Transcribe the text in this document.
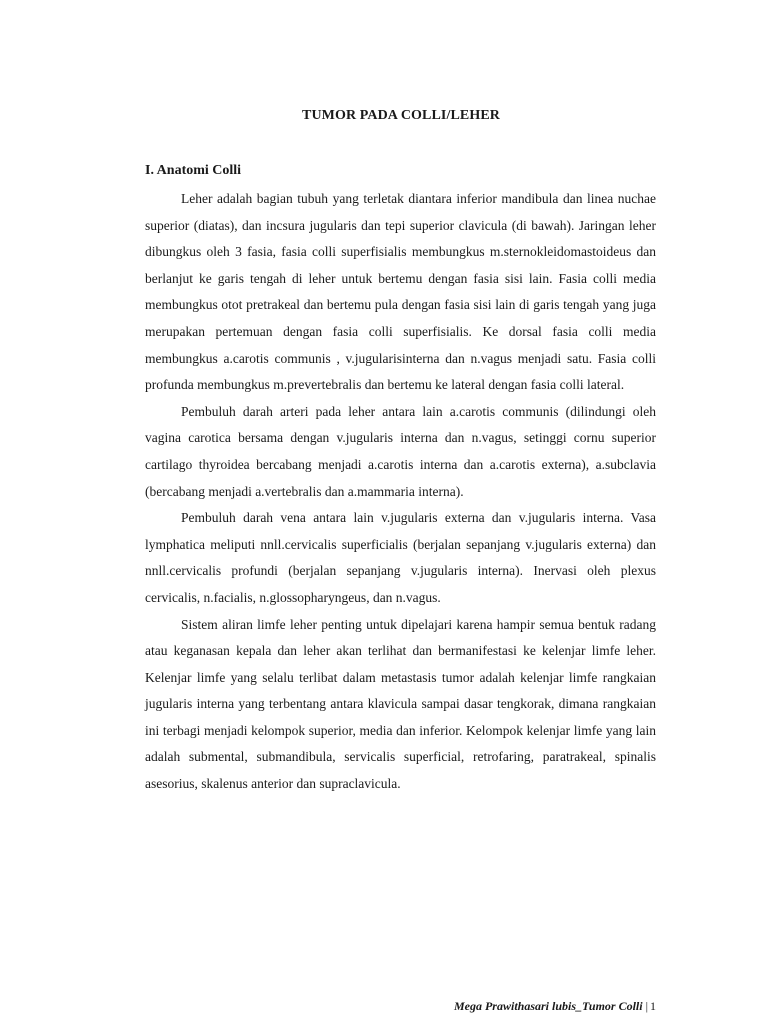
TUMOR PADA COLLI/LEHER
I. Anatomi Colli

Leher adalah bagian tubuh yang terletak diantara inferior mandibula dan linea nuchae superior (diatas), dan incsura jugularis dan tepi superior clavicula (di bawah). Jaringan leher dibungkus oleh 3 fasia, fasia colli superfisialis membungkus m.sternokleidomastoideus dan berlanjut ke garis tengah di leher untuk bertemu dengan fasia sisi lain. Fasia colli media membungkus otot pretrakeal dan bertemu pula dengan fasia sisi lain di garis tengah yang juga merupakan pertemuan dengan fasia colli superfisialis. Ke dorsal fasia colli media membungkus a.carotis communis , v.jugularisinterna dan n.vagus menjadi satu. Fasia colli profunda membungkus m.prevertebralis dan bertemu ke lateral dengan fasia colli lateral.

Pembuluh darah arteri pada leher antara lain a.carotis communis (dilindungi oleh vagina carotica bersama dengan v.jugularis interna dan n.vagus, setinggi cornu superior cartilago thyroidea bercabang menjadi a.carotis interna dan a.carotis externa), a.subclavia (bercabang menjadi a.vertebralis dan a.mammaria interna).

Pembuluh darah vena antara lain v.jugularis externa dan v.jugularis interna. Vasa lymphatica meliputi nnll.cervicalis superficialis (berjalan sepanjang v.jugularis externa) dan nnll.cervicalis profundi (berjalan sepanjang v.jugularis interna). Inervasi oleh plexus cervicalis, n.facialis, n.glossopharyngeus, dan n.vagus.

Sistem aliran limfe leher penting untuk dipelajari karena hampir semua bentuk radang atau keganasan kepala dan leher akan terlihat dan bermanifestasi ke kelenjar limfe leher. Kelenjar limfe yang selalu terlibat dalam metastasis tumor adalah kelenjar limfe rangkaian jugularis interna yang terbentang antara klavicula sampai dasar tengkorak, dimana rangkaian ini terbagi menjadi kelompok superior, media dan inferior. Kelompok kelenjar limfe yang lain adalah submental, submandibula, servicalis superficial, retrofaring, paratrakeal, spinalis asesorius, skalenus anterior dan supraclavicula.

Mega Prawithasari lubis_Tumor Colli | 1
